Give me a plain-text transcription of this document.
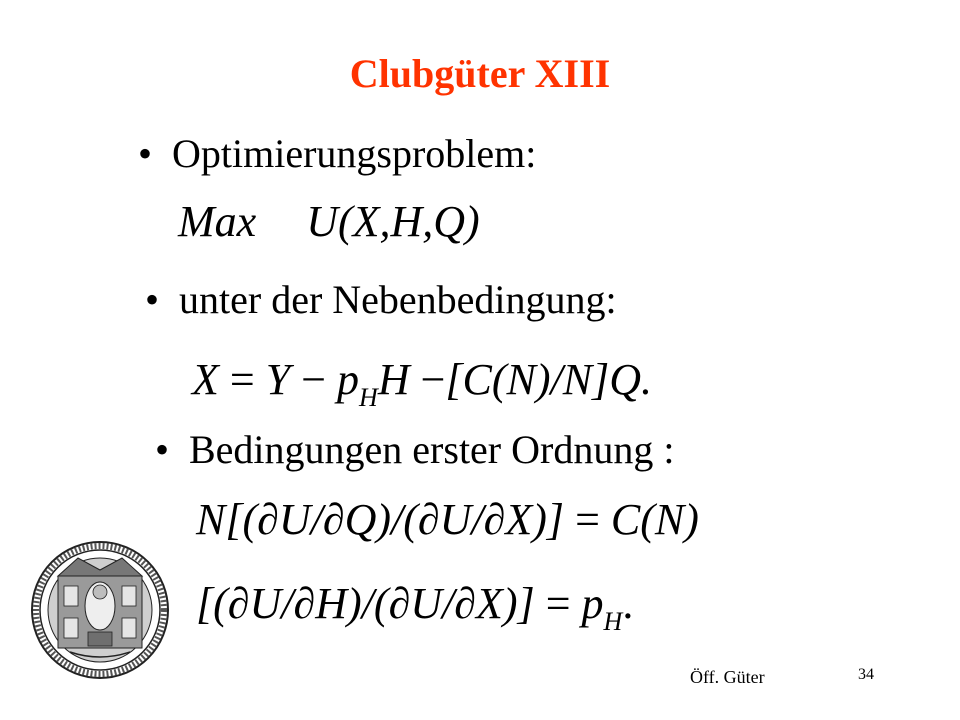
Clubgüter XIII
• Optimierungsproblem:
Max U(X,H,Q)
• unter der Nebenbedingung:
$X = Y - p_HH -[C(N)/N]Q$.
• Bedingungen erster Ordnung :
N[(∂U/∂Q)/(∂U/∂X)] = C(N)
$[(\partial U/\partial H)/(\partial U/\partial X)] = p_H$.
Öff. Güter	34
